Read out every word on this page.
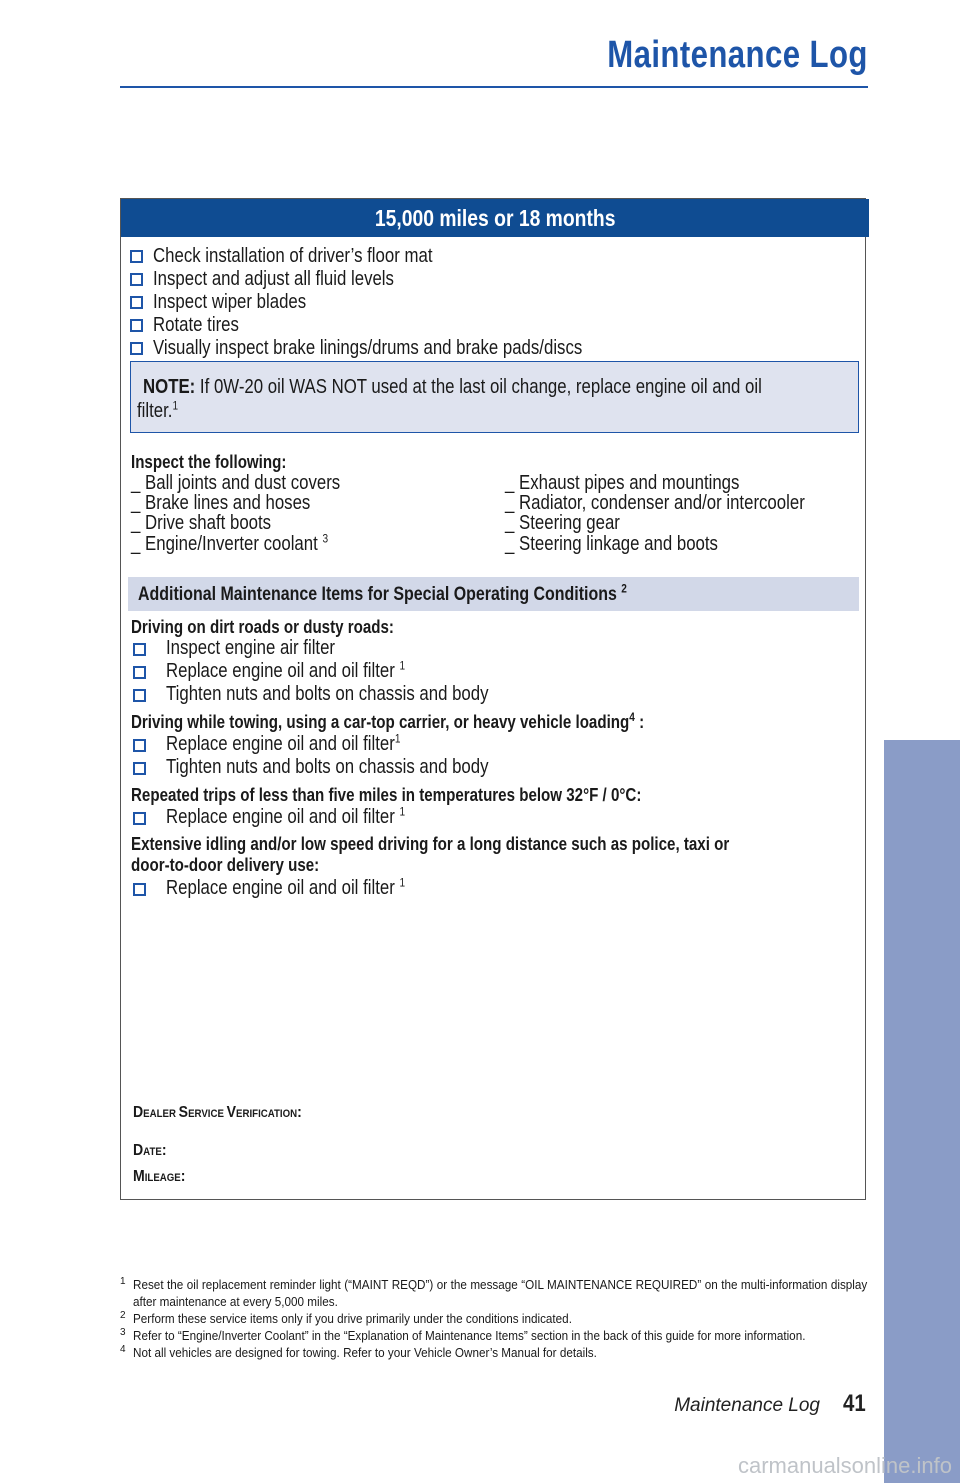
Maintenance Log
MAINTENANCE
15,000 miles or 18 months
Check installation of driver’s floor mat
Inspect and adjust all fluid levels
Inspect wiper blades
Rotate tires
Visually inspect brake linings/drums and brake pads/discs
NOTE: If 0W-20 oil WAS NOT used at the last oil change, replace engine oil and oil
filter.$^1$
Inspect the following:
_ Ball joints and dust covers
_ Brake lines and hoses
_ Drive shaft boots
_ Engine/Inverter coolant $^3$
_ Exhaust pipes and mountings
_ Radiator, condenser and/or intercooler
_ Steering gear
_ Steering linkage and boots
Additional Maintenance Items for Special Operating Conditions $^2$
Driving on dirt roads or dusty roads:
Inspect engine air filter
Replace engine oil and oil filter $^1$
Tighten nuts and bolts on chassis and body
Driving while towing, using a car-top carrier, or heavy vehicle loading$^4$ :
Replace engine oil and oil filter$^1$
Tighten nuts and bolts on chassis and body
Repeated trips of less than five miles in temperatures below 32°F / 0°C:
Replace engine oil and oil filter $^1$
Extensive idling and/or low speed driving for a long distance such as police, taxi or
door-to-door delivery use:
Replace engine oil and oil filter $^1$
DEALER SERVICE VERIFICATION:
DATE:
MILEAGE:
1 Reset the oil replacement reminder light (“MAINT REQD”) or the message “OIL MAINTENANCE REQUIRED” on the multi-information display after maintenance at every 5,000 miles.
2 Perform these service items only if you drive primarily under the conditions indicated.
3 Refer to “Engine/Inverter Coolant” in the “Explanation of Maintenance Items” section in the back of this guide for more information.
4 Not all vehicles are designed for towing. Refer to your Vehicle Owner’s Manual for details.
Maintenance Log 41
carmanualsonline.info
